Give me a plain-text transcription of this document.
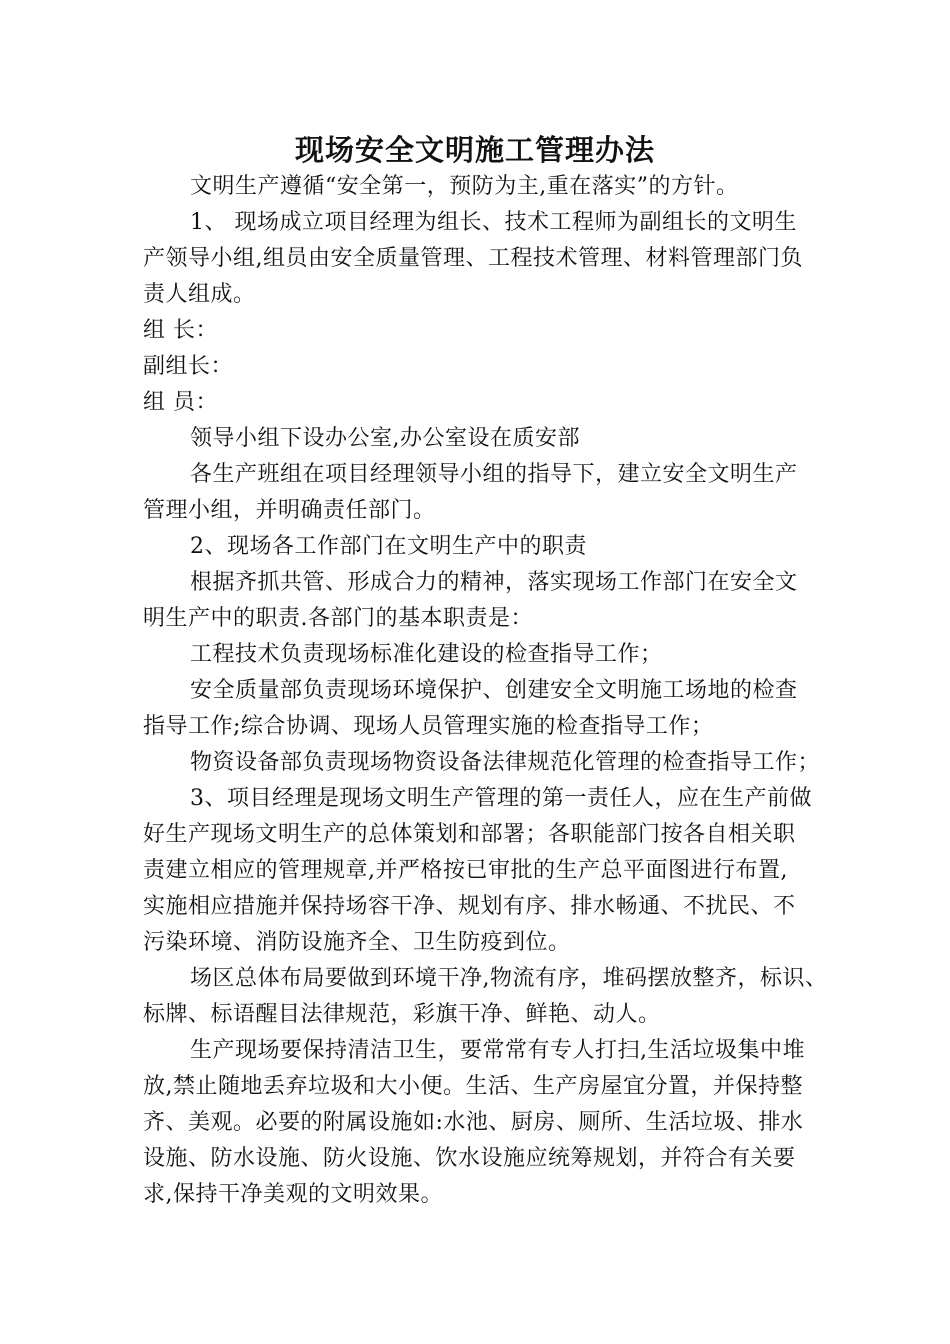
现场安全文明施工管理办法
文明生产遵循“安全第一，预防为主,重在落实”的方针。
1、 现场成立项目经理为组长、技术工程师为副组长的文明生
产领导小组,组员由安全质量管理、工程技术管理、材料管理部门负
责人组成。
组 长：
副组长：
组 员：
领导小组下设办公室,办公室设在质安部
各生产班组在项目经理领导小组的指导下，建立安全文明生产
管理小组，并明确责任部门。
2、现场各工作部门在文明生产中的职责
根据齐抓共管、形成合力的精神，落实现场工作部门在安全文
明生产中的职责.各部门的基本职责是：
工程技术负责现场标准化建设的检查指导工作；
安全质量部负责现场环境保护、创建安全文明施工场地的检查
指导工作;综合协调、现场人员管理实施的检查指导工作；
物资设备部负责现场物资设备法律规范化管理的检查指导工作；
3、项目经理是现场文明生产管理的第一责任人，应在生产前做
好生产现场文明生产的总体策划和部署；各职能部门按各自相关职
责建立相应的管理规章,并严格按已审批的生产总平面图进行布置,
实施相应措施并保持场容干净、规划有序、排水畅通、不扰民、不
污染环境、消防设施齐全、卫生防疫到位。
场区总体布局要做到环境干净,物流有序，堆码摆放整齐，标识、
标牌、标语醒目法律规范，彩旗干净、鲜艳、动人。
生产现场要保持清洁卫生，要常常有专人打扫,生活垃圾集中堆
放,禁止随地丢弃垃圾和大小便。生活、生产房屋宜分置，并保持整
齐、美观。必要的附属设施如:水池、厨房、厕所、生活垃圾、排水
设施、防水设施、防火设施、饮水设施应统筹规划，并符合有关要
求,保持干净美观的文明效果。
